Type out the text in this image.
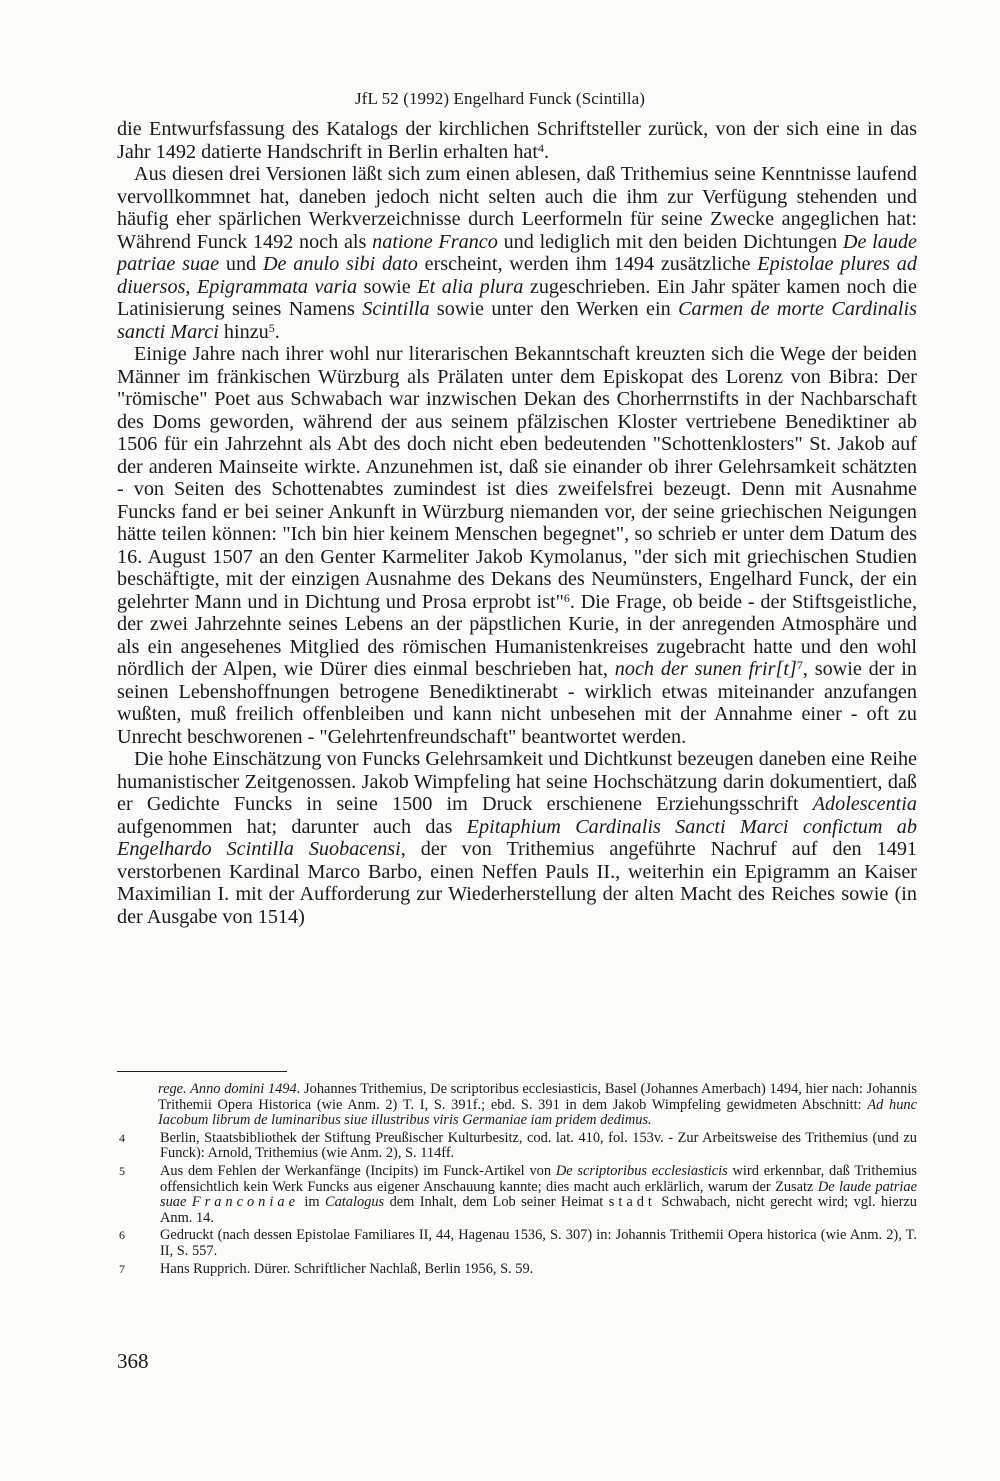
JfL 52 (1992) Engelhard Funck (Scintilla)

die Entwurfsfassung des Katalogs der kirchlichen Schriftsteller zurück, von der sich eine in das Jahr 1492 datierte Handschrift in Berlin erhalten hat$^4$.

Aus diesen drei Versionen läßt sich zum einen ablesen, daß Trithemius seine Kenntnisse laufend vervollkommnet hat, daneben jedoch nicht selten auch die ihm zur Verfügung stehenden und häufig eher spärlichen Werkverzeichnisse durch Leerformeln für seine Zwecke angeglichen hat: Während Funck 1492 noch als natione Franco und lediglich mit den beiden Dichtungen De laude patriae suae und De anulo sibi dato erscheint, werden ihm 1494 zusätzliche Epistolae plures ad diuersos, Epigrammata varia sowie Et alia plura zugeschrieben. Ein Jahr später kamen noch die Latinisierung seines Namens Scintilla sowie unter den Werken ein Carmen de morte Cardinalis sancti Marci hinzu$^5$.

Einige Jahre nach ihrer wohl nur literarischen Bekanntschaft kreuzten sich die Wege der beiden Männer im fränkischen Würzburg als Prälaten unter dem Episkopat des Lorenz von Bibra: Der "römische" Poet aus Schwabach war inzwischen Dekan des Chorherrnstifts in der Nachbarschaft des Doms geworden, während der aus seinem pfälzischen Kloster vertriebene Benediktiner ab 1506 für ein Jahrzehnt als Abt des doch nicht eben bedeutenden "Schottenklosters" St. Jakob auf der anderen Mainseite wirkte. Anzunehmen ist, daß sie einander ob ihrer Gelehrsamkeit schätzten - von Seiten des Schottenabtes zumindest ist dies zweifelsfrei bezeugt. Denn mit Ausnahme Funcks fand er bei seiner Ankunft in Würzburg niemanden vor, der seine griechischen Neigungen hätte teilen können: "Ich bin hier keinem Menschen begegnet", so schrieb er unter dem Datum des 16. August 1507 an den Genter Karmeliter Jakob Kymolanus, "der sich mit griechischen Studien beschäftigte, mit der einzigen Ausnahme des Dekans des Neumünsters, Engelhard Funck, der ein gelehrter Mann und in Dichtung und Prosa erprobt ist"$^6$. Die Frage, ob beide - der Stiftsgeistliche, der zwei Jahrzehnte seines Lebens an der päpstlichen Kurie, in der anregenden Atmosphäre und als ein angesehenes Mitglied des römischen Humanistenkreises zugebracht hatte und den wohl nördlich der Alpen, wie Dürer dies einmal beschrieben hat, noch der sunen $frir[t]^7$, sowie der in seinen Lebenshoffnungen betrogene Benediktinerabt - wirklich etwas miteinander anzufangen wußten, muß freilich offenbleiben und kann nicht unbesehen mit der Annahme einer - oft zu Unrecht beschworenen - "Gelehrtenfreundschaft" beantwortet werden.

Die hohe Einschätzung von Funcks Gelehrsamkeit und Dichtkunst bezeugen daneben eine Reihe humanistischer Zeitgenossen. Jakob Wimpfeling hat seine Hochschätzung darin dokumentiert, daß er Gedichte Funcks in seine 1500 im Druck erschienene Erziehungsschrift Adolescentia aufgenommen hat; darunter auch das Epitaphium Cardinalis Sancti Marci confictum ab Engelhardo Scintilla Suobacensi, der von Trithemius angeführte Nachruf auf den 1491 verstorbenen Kardinal Marco Barbo, einen Neffen Pauls II., weiterhin ein Epigramm an Kaiser Maximilian I. mit der Aufforderung zur Wiederherstellung der alten Macht des Reiches sowie (in der Ausgabe von 1514)

rege. Anno domini 1494. Johannes Trithemius, De scriptoribus ecclesiasticis, Basel (Johannes Amerbach) 1494, hier nach: Johannis Trithemii Opera Historica (wie Anm. 2) T. I, S. 391f.; ebd. S. 391 in dem Jakob Wimpfeling gewidmeten Abschnitt: Ad hunc Iacobum librum de luminaribus siue illustribus viris Germaniae iam pridem dedimus.
4	Berlin, Staatsbibliothek der Stiftung Preußischer Kulturbesitz, cod. lat. 410, fol. 153v. - Zur Arbeitsweise des Trithemius (und zu Funck): Arnold, Trithemius (wie Anm. 2), S. 114ff.
5	Aus dem Fehlen der Werkanfänge (Incipits) im Funck-Artikel von De scriptoribus ecclesiasticis wird erkennbar, daß Trithemius offensichtlich kein Werk Funcks aus eigener Anschauung kannte; dies macht auch erklärlich, warum der Zusatz De laude patriae suae Franconiae im Catalogus dem Inhalt, dem Lob seiner Heimat stadt Schwabach, nicht gerecht wird; vgl. hierzu Anm. 14.
6	Gedruckt (nach dessen Epistolae Familiares II, 44, Hagenau 1536, S. 307) in: Johannis Trithemii Opera historica (wie Anm. 2), T. II, S. 557.
7	Hans Rupprich. Dürer. Schriftlicher Nachlaß, Berlin 1956, S. 59.
368
